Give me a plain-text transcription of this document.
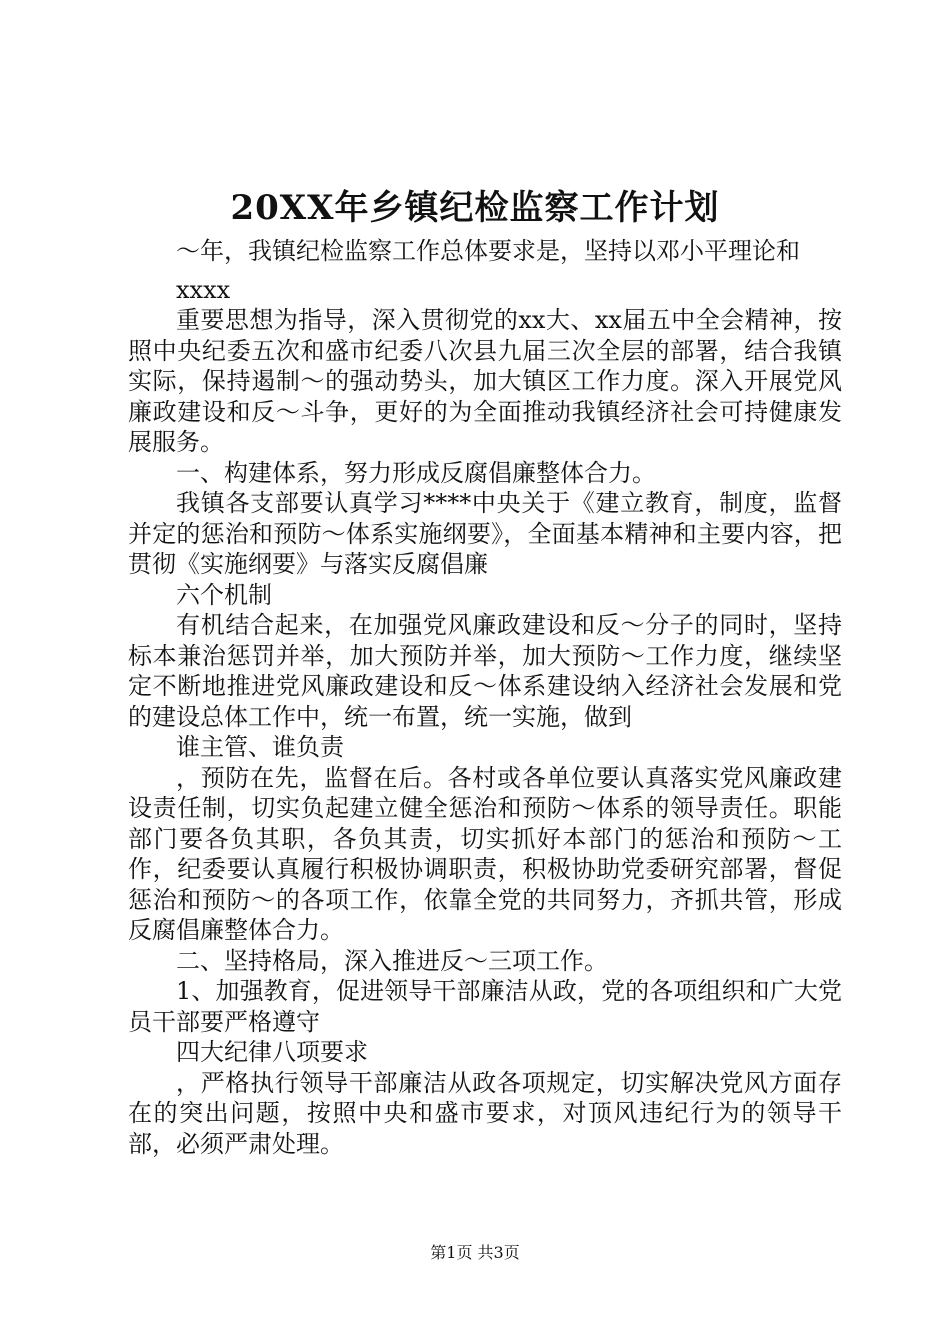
20XX年乡镇纪检监察工作计划

～年，我镇纪检监察工作总体要求是，坚持以邓小平理论和

xxxx

重要思想为指导，深入贯彻党的xx大、xx届五中全会精神，按照中央纪委五次和盛市纪委八次县九届三次全层的部署，结合我镇实际，保持遏制～的强动势头，加大镇区工作力度。深入开展党风廉政建设和反～斗争，更好的为全面推动我镇经济社会可持健康发展服务。

一、构建体系，努力形成反腐倡廉整体合力。

我镇各支部要认真学习****中央关于《建立教育，制度，监督并定的惩治和预防～体系实施纲要》，全面基本精神和主要内容，把贯彻《实施纲要》与落实反腐倡廉

六个机制

有机结合起来，在加强党风廉政建设和反～分子的同时，坚持标本兼治惩罚并举，加大预防并举，加大预防～工作力度，继续坚定不断地推进党风廉政建设和反～体系建设纳入经济社会发展和党的建设总体工作中，统一布置，统一实施，做到

谁主管、谁负责

，预防在先，监督在后。各村或各单位要认真落实党风廉政建设责任制，切实负起建立健全惩治和预防～体系的领导责任。职能部门要各负其职，各负其责，切实抓好本部门的惩治和预防～工作，纪委要认真履行积极协调职责，积极协助党委研究部署，督促惩治和预防～的各项工作，依靠全党的共同努力，齐抓共管，形成反腐倡廉整体合力。

二、坚持格局，深入推进反～三项工作。

1、加强教育，促进领导干部廉洁从政，党的各项组织和广大党员干部要严格遵守

四大纪律八项要求

，严格执行领导干部廉洁从政各项规定，切实解决党风方面存在的突出问题，按照中央和盛市要求，对顶风违纪行为的领导干部，必须严肃处理。

第1页 共3页
